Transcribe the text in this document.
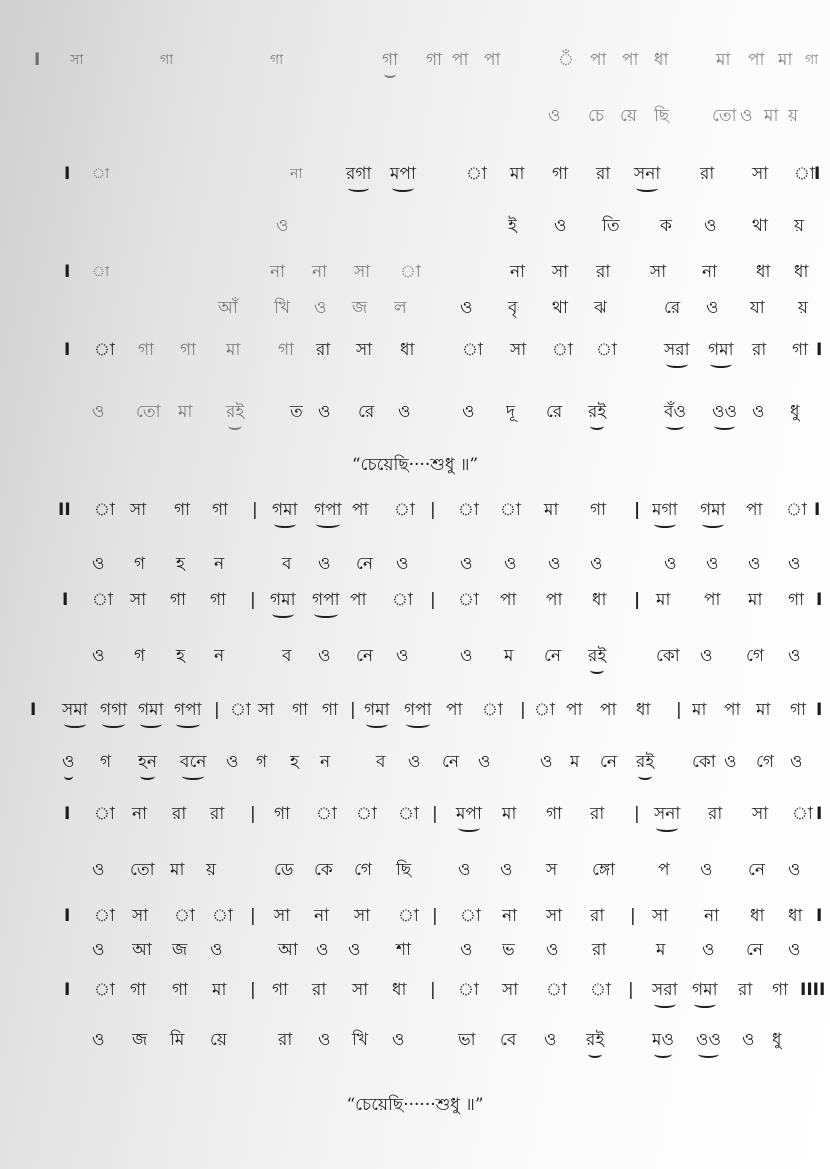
I সা	গা	গা	গা গা পা পা	ঁ পা পা ধা	মা পা মা গা
ও চে য়ে ছি	তো ও মা য়
I া	না	রগা মপা	া মা গা রা সনা রা সা া I
ও	ই ও তি ক ও থা য়
I া	না না সা া	না সা রা সা না ধা ধা
আঁ খি ও জ ল	ও বৃ থা ঝ	রে ও যা য়
I া গা গা মা গা রা সা ধা	া সা া া	সরা গমা রা গা I
ও তো মা রই	ত ও রে ও	ও দূ রে রই	বঁও ওও ও ধু
“চেয়েছি····শুধু ॥”
II া সা গা গা | গমা গপা পা া | া া মা গা | মগা গমা পা া I
ও গ হ ন	ব ও নে ও	ও ও ও ও	ও ও ও ও
I া সা গা গা | গমা গপা পা া | া পা পা ধা | মা পা মা গা I
ও গ হ ন	ব ও নে ও	ও ম নে রই	কো ও গে ও
I সমা গগা গমা গপা | া সা গা গা | গমা গপা পা া | া পা পা ধা | মা পা মা গা I
ও গ হন বনে ও গ হ ন	ব ও নে ও	ও ম নে রই কো ও গে ও
I া না রা রা | গা া া া | মপা মা গা রা | সনা রা সা া I
ও তো মা য়	ডে কে গে ছি	ও ও স ঙ্গো	প ও নে ও
I া সা া া | সা না সা া | া না সা রা | সা না ধা ধা I
ও আ জ ও	আ ও ও শা	ও ভ ও রা	ম ও নে ও
I া গা গা মা | গা রা সা ধা | া সা া া | সরা গমা রা গা IIII
ও জ মি য়ে	রা ও খি ও	ভা বে ও রই	মও ওও ও ধু
“চেয়েছি······শুধু ॥”
